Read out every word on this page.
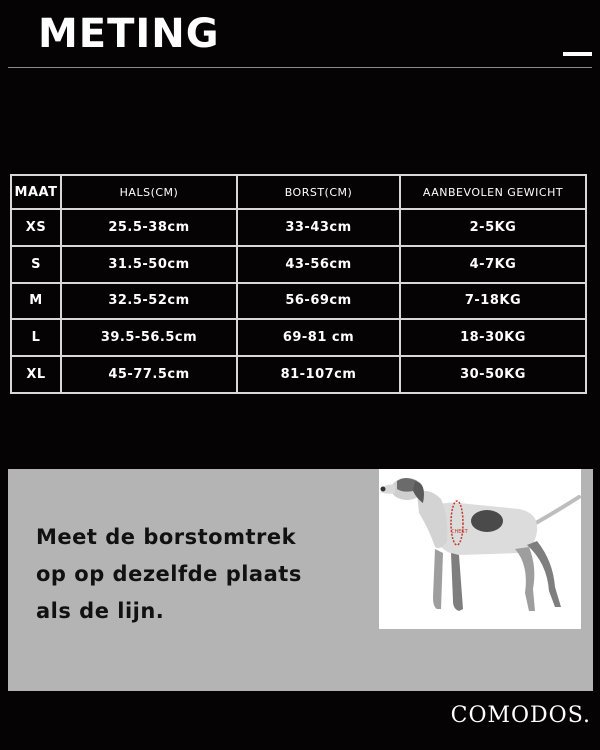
METING
MAAT	HALS(CM)	BORST(CM)	AANBEVOLEN GEWICHT
XS	25.5-38cm	33-43cm	2-5KG
S	31.5-50cm	43-56cm	4-7KG
M	32.5-52cm	56-69cm	7-18KG
L	39.5-56.5cm	69-81 cm	18-30KG
XL	45-77.5cm	81-107cm	30-50KG

Meet de borstomtrek
op op dezelfde plaats
als de lijn.

CHEST

COMODOS.
